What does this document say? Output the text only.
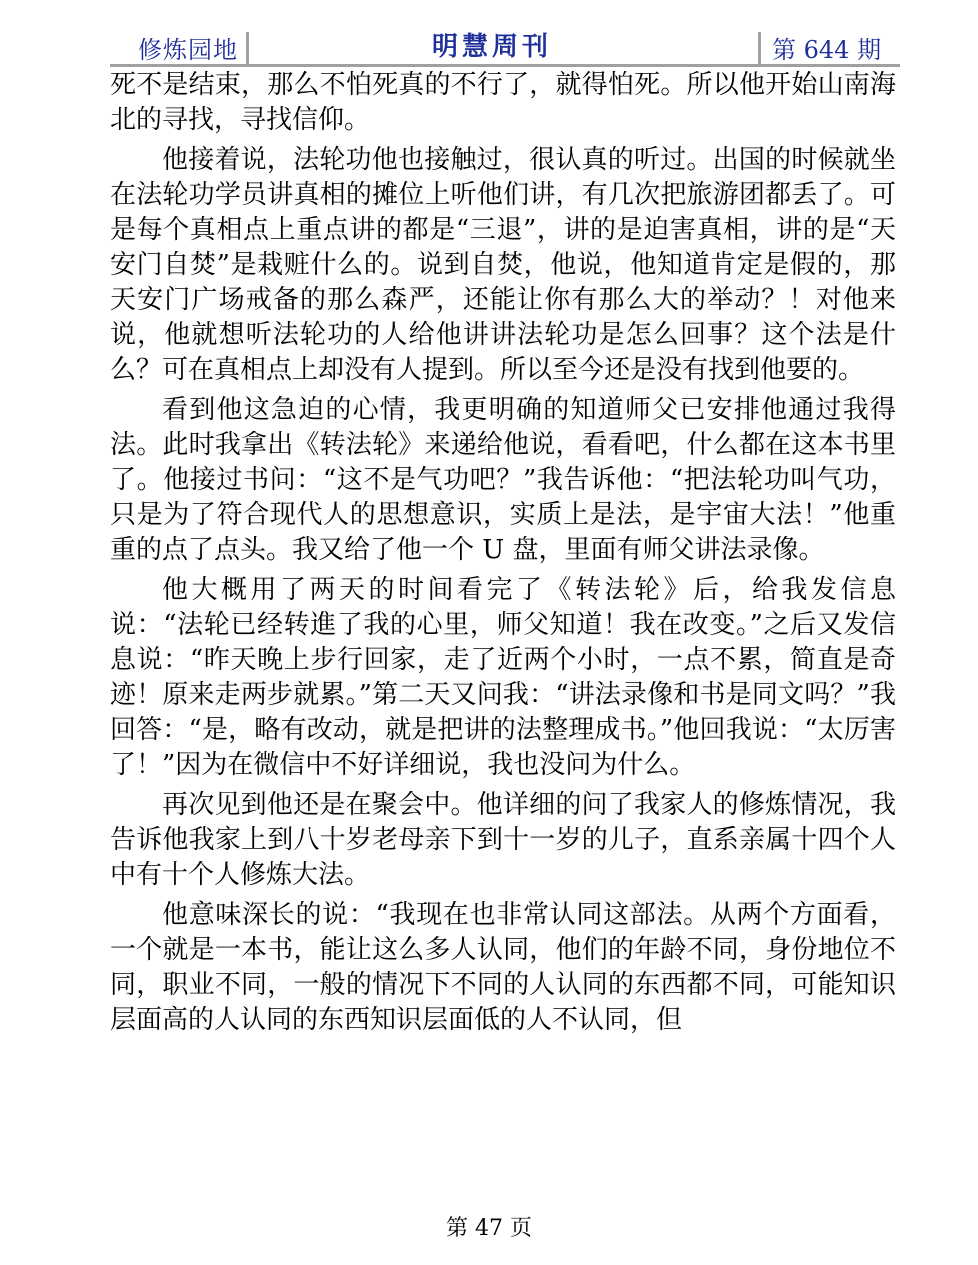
修炼园地	明慧周刊	第 644 期

死不是结束，那么不怕死真的不行了，就得怕死。所以他开始山南海北的寻找，寻找信仰。

他接着说，法轮功他也接触过，很认真的听过。出国的时候就坐在法轮功学员讲真相的摊位上听他们讲，有几次把旅游团都丢了。可是每个真相点上重点讲的都是“三退”，讲的是迫害真相，讲的是“天安门自焚”是栽赃什么的。说到自焚，他说，他知道肯定是假的，那天安门广场戒备的那么森严，还能让你有那么大的举动？！对他来说，他就想听法轮功的人给他讲讲法轮功是怎么回事？这个法是什么？可在真相点上却没有人提到。所以至今还是没有找到他要的。

看到他这急迫的心情，我更明确的知道师父已安排他通过我得法。此时我拿出《转法轮》来递给他说，看看吧，什么都在这本书里了。他接过书问：“这不是气功吧？”我告诉他：“把法轮功叫气功，只是为了符合现代人的思想意识，实质上是法，是宇宙大法！”他重重的点了点头。我又给了他一个 U 盘，里面有师父讲法录像。

他大概用了两天的时间看完了《转法轮》后，给我发信息说：“法轮已经转進了我的心里，师父知道！我在改变。”之后又发信息说：“昨天晚上步行回家，走了近两个小时，一点不累，简直是奇迹！原来走两步就累。”第二天又问我：“讲法录像和书是同文吗？”我回答：“是，略有改动，就是把讲的法整理成书。”他回我说：“太厉害了！”因为在微信中不好详细说，我也没问为什么。

再次见到他还是在聚会中。他详细的问了我家人的修炼情况，我告诉他我家上到八十岁老母亲下到十一岁的儿子，直系亲属十四个人中有十个人修炼大法。

他意味深长的说：“我现在也非常认同这部法。从两个方面看，一个就是一本书，能让这么多人认同，他们的年龄不同，身份地位不同，职业不同，一般的情况下不同的人认同的东西都不同，可能知识层面高的人认同的东西知识层面低的人不认同，但

第 47 页
